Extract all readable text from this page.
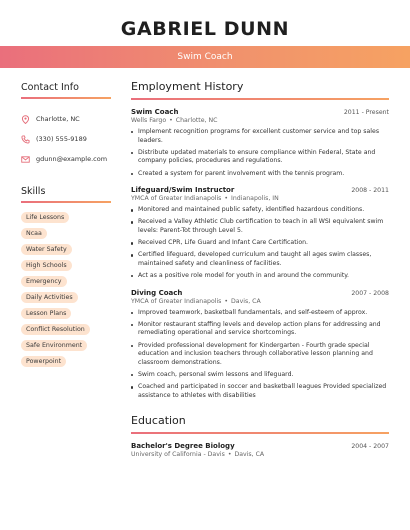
GABRIEL DUNN
Swim Coach
Contact Info
Charlotte, NC
(330) 555-9189
gdunn@example.com
Skills
Life Lessons
Ncaa
Water Safety
High Schools
Emergency
Daily Activities
Lesson Plans
Conflict Resolution
Safe Environment
Powerpoint
Employment History
Swim Coach	2011 - Present
Wells Fargo • Charlotte, NC
Implement recognition programs for excellent customer service and top sales leaders.
Distribute updated materials to ensure compliance within Federal, State and company policies, procedures and regulations.
Created a system for parent involvement with the tennis program.
Lifeguard/Swim Instructor	2008 - 2011
YMCA of Greater Indianapolis • Indianapolis, IN
Monitored and maintained public safety, identified hazardous conditions.
Received a Valley Athletic Club certification to teach in all WSI equivalent swim levels: Parent-Tot through Level 5.
Received CPR, Life Guard and Infant Care Certification.
Certified lifeguard, developed curriculum and taught all ages swim classes, maintained safety and cleanliness of facilities.
Act as a positive role model for youth in and around the community.
Diving Coach	2007 - 2008
YMCA of Greater Indianapolis • Davis, CA
Improved teamwork, basketball fundamentals, and self-esteem of approx.
Monitor restaurant staffing levels and develop action plans for addressing and remediating operational and service shortcomings.
Provided professional development for Kindergarten - Fourth grade special education and inclusion teachers through collaborative lesson planning and classroom demonstrations.
Swim coach, personal swim lessons and lifeguard.
Coached and participated in soccer and basketball leagues Provided specialized assistance to athletes with disabilities
Education
Bachelor's Degree Biology	2004 - 2007
University of California - Davis • Davis, CA
